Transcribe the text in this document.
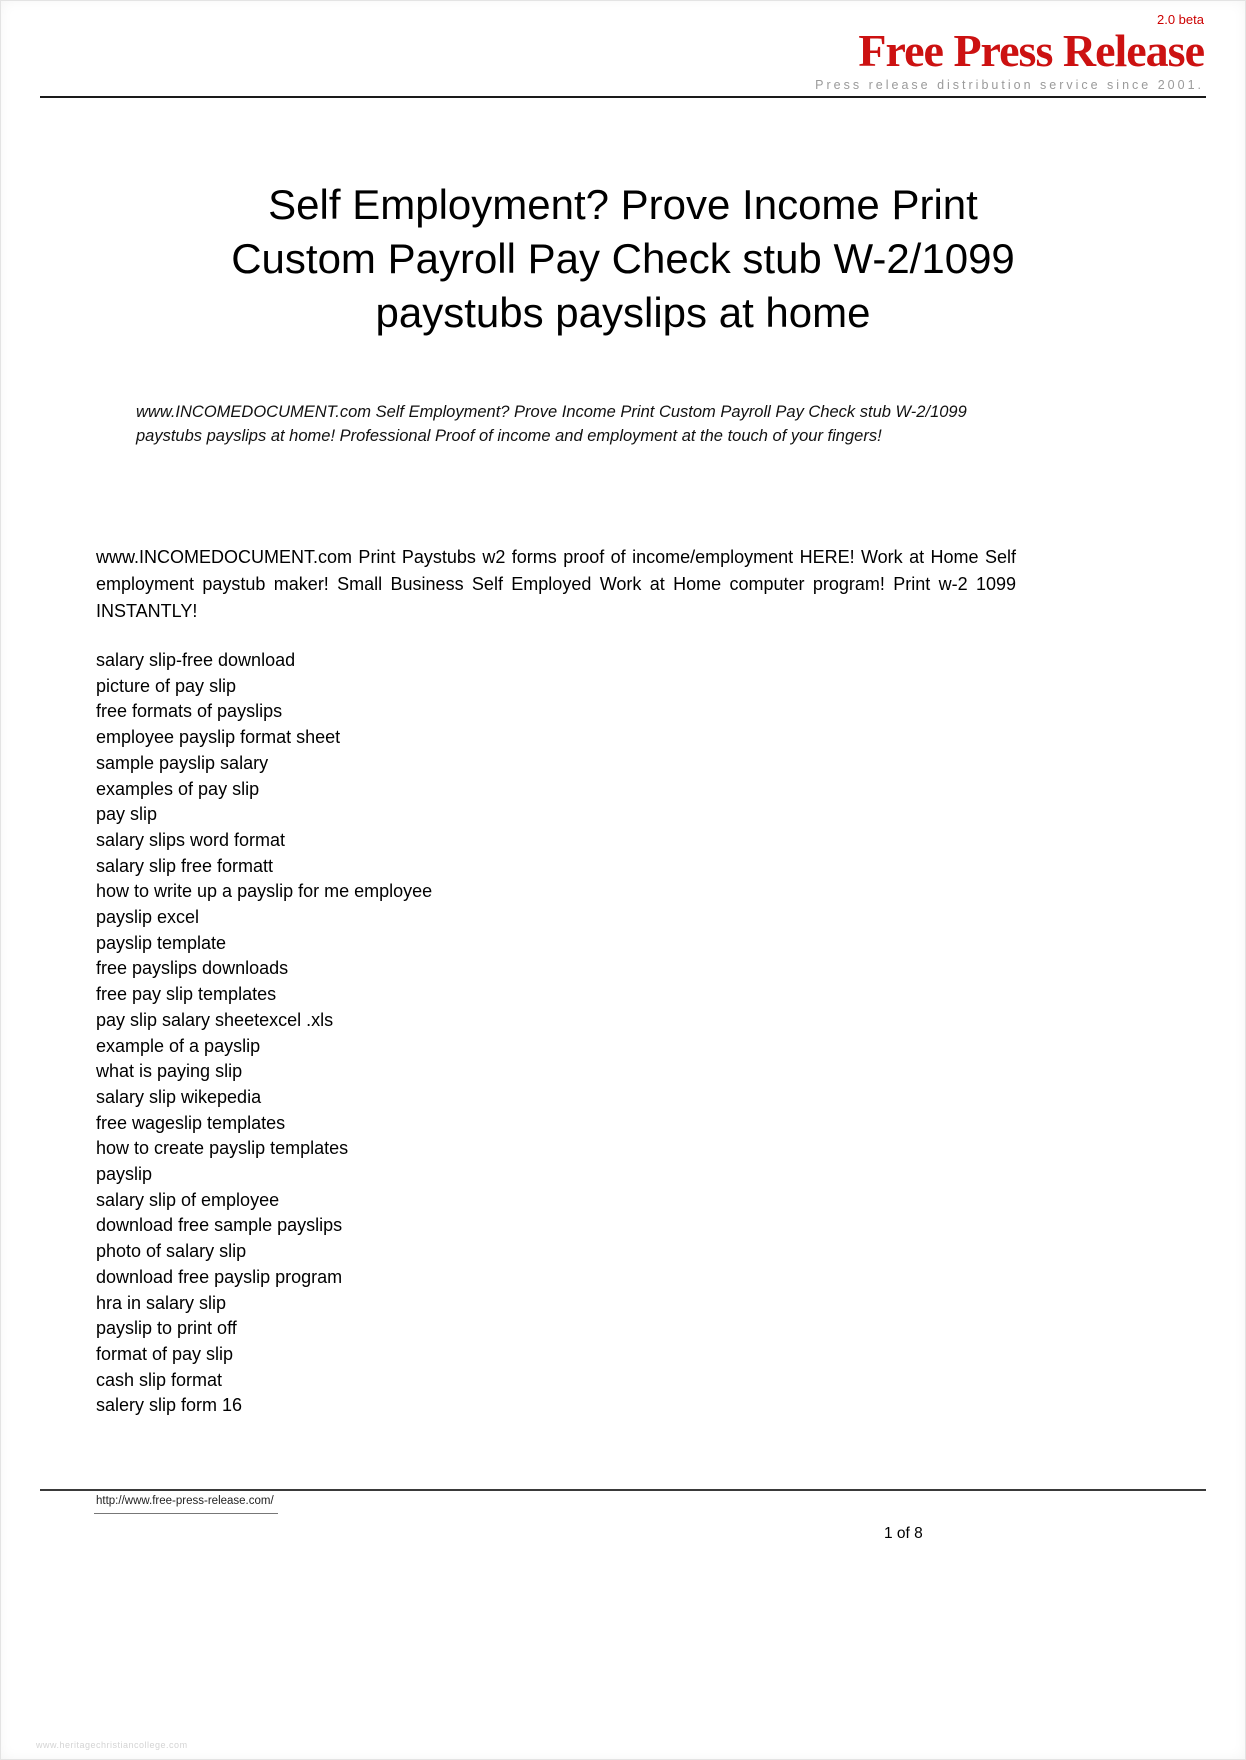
2.0 beta
Free Press Release
Press release distribution service since 2001.
Self Employment? Prove Income Print
Custom Payroll Pay Check stub W-2/1099
paystubs payslips at home
www.INCOMEDOCUMENT.com Self Employment? Prove Income Print Custom Payroll Pay Check stub W-2/1099 paystubs payslips at home! Professional Proof of income and employment at the touch of your fingers!
www.INCOMEDOCUMENT.com Print Paystubs w2 forms proof of income/employment HERE! Work at Home Self employment paystub maker! Small Business Self Employed Work at Home computer program! Print w-2 1099 INSTANTLY!
salary slip-free download
picture of pay slip
free formats of payslips
employee payslip format sheet
sample payslip salary
examples of pay slip
pay slip
salary slips word format
salary slip free formatt
how to write up a payslip for me employee
payslip excel
payslip template
free payslips downloads
free pay slip templates
pay slip salary sheetexcel .xls
example of a payslip
what is paying slip
salary slip wikepedia
free wageslip templates
how to create payslip templates
payslip
salary slip of employee
download free sample payslips
photo of salary slip
download free payslip program
hra in salary slip
payslip to print off
format of pay slip
cash slip format
salery slip form 16
http://www.free-press-release.com/
1 of 8
www.heritagechristiancollege.com
